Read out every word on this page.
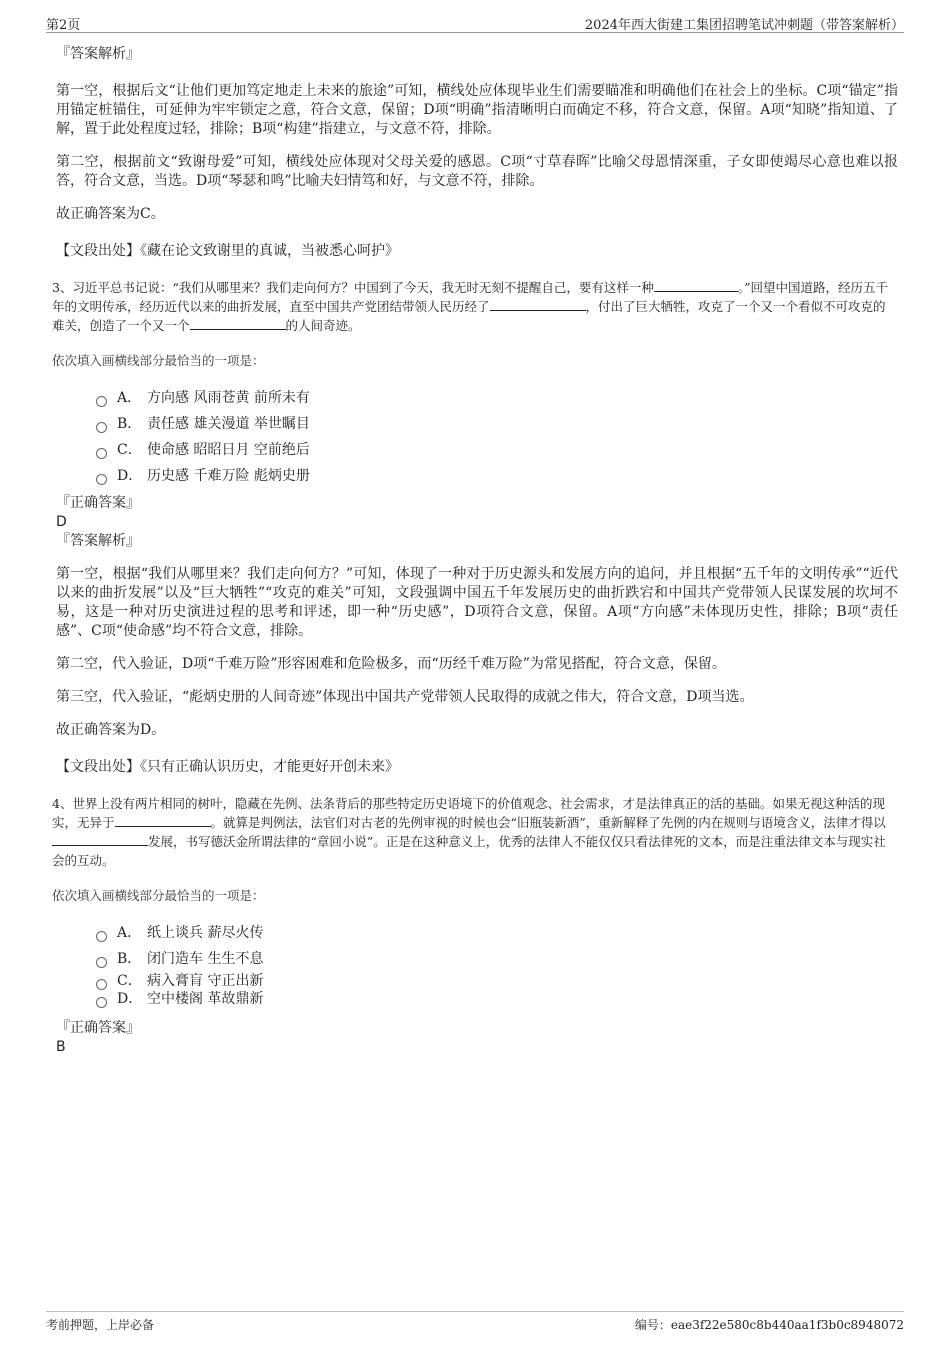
第2页	2024年西大街建工集团招聘笔试冲刺题（带答案解析）

『答案解析』

第一空，根据后文“让他们更加笃定地走上未来的旅途”可知，横线处应体现毕业生们需要瞄准和明确他们在社会上的坐标。C项“锚定”指用锚定桩锚住，可延伸为牢牢锁定之意，符合文意，保留；D项“明确”指清晰明白而确定不移，符合文意，保留。A项“知晓”指知道、了解，置于此处程度过轻，排除；B项“构建”指建立，与文意不符，排除。

第二空，根据前文“致谢母爱”可知，横线处应体现对父母关爱的感恩。C项“寸草春晖”比喻父母恩情深重，子女即使竭尽心意也难以报答，符合文意，当选。D项“琴瑟和鸣”比喻夫妇情笃和好，与文意不符，排除。

故正确答案为C。

【文段出处】《藏在论文致谢里的真诚，当被悉心呵护》

3、习近平总书记说：“我们从哪里来？我们走向何方？中国到了今天，我无时无刻不提醒自己，要有这样一种	。”回望中国道路，经历五千年的文明传承，经历近代以来的曲折发展，直至中国共产党团结带领人民历经了	，付出了巨大牺牲，攻克了一个又一个看似不可攻克的难关，创造了一个又一个	的人间奇迹。

依次填入画横线部分最恰当的一项是：

A． 方向感 风雨苍黄 前所未有
B． 责任感 雄关漫道 举世瞩目
C． 使命感 昭昭日月 空前绝后
D． 历史感 千难万险 彪炳史册

『正确答案』

D

『答案解析』

第一空，根据“我们从哪里来？我们走向何方？”可知，体现了一种对于历史源头和发展方向的追问，并且根据“五千年的文明传承”“近代以来的曲折发展”以及“巨大牺牲”“攻克的难关”可知，文段强调中国五千年发展历史的曲折跌宕和中国共产党带领人民谋发展的坎坷不易，这是一种对历史演进过程的思考和评述，即一种“历史感”，D项符合文意，保留。A项“方向感”未体现历史性，排除；B项“责任感”、C项“使命感”均不符合文意，排除。

第二空，代入验证，D项“千难万险”形容困难和危险极多，而“历经千难万险”为常见搭配，符合文意，保留。

第三空，代入验证，“彪炳史册的人间奇迹”体现出中国共产党带领人民取得的成就之伟大，符合文意，D项当选。

故正确答案为D。

【文段出处】《只有正确认识历史，才能更好开创未来》

4、世界上没有两片相同的树叶，隐藏在先例、法条背后的那些特定历史语境下的价值观念、社会需求，才是法律真正的活的基础。如果无视这种活的现实，无异于	。就算是判例法，法官们对古老的先例审视的时候也会“旧瓶装新酒”，重新解释了先例的内在规则与语境含义，法律才得以发展，书写德沃金所谓法律的“章回小说”。正是在这种意义上，优秀的法律人不能仅仅只看法律死的文本，而是注重法律文本与现实社会的互动。

依次填入画横线部分最恰当的一项是：

A． 纸上谈兵 薪尽火传
B． 闭门造车 生生不息
C． 病入膏肓 守正出新
D． 空中楼阁 革故鼎新

『正确答案』

B

考前押题，上岸必备	编号：eae3f22e580c8b440aa1f3b0c8948072
